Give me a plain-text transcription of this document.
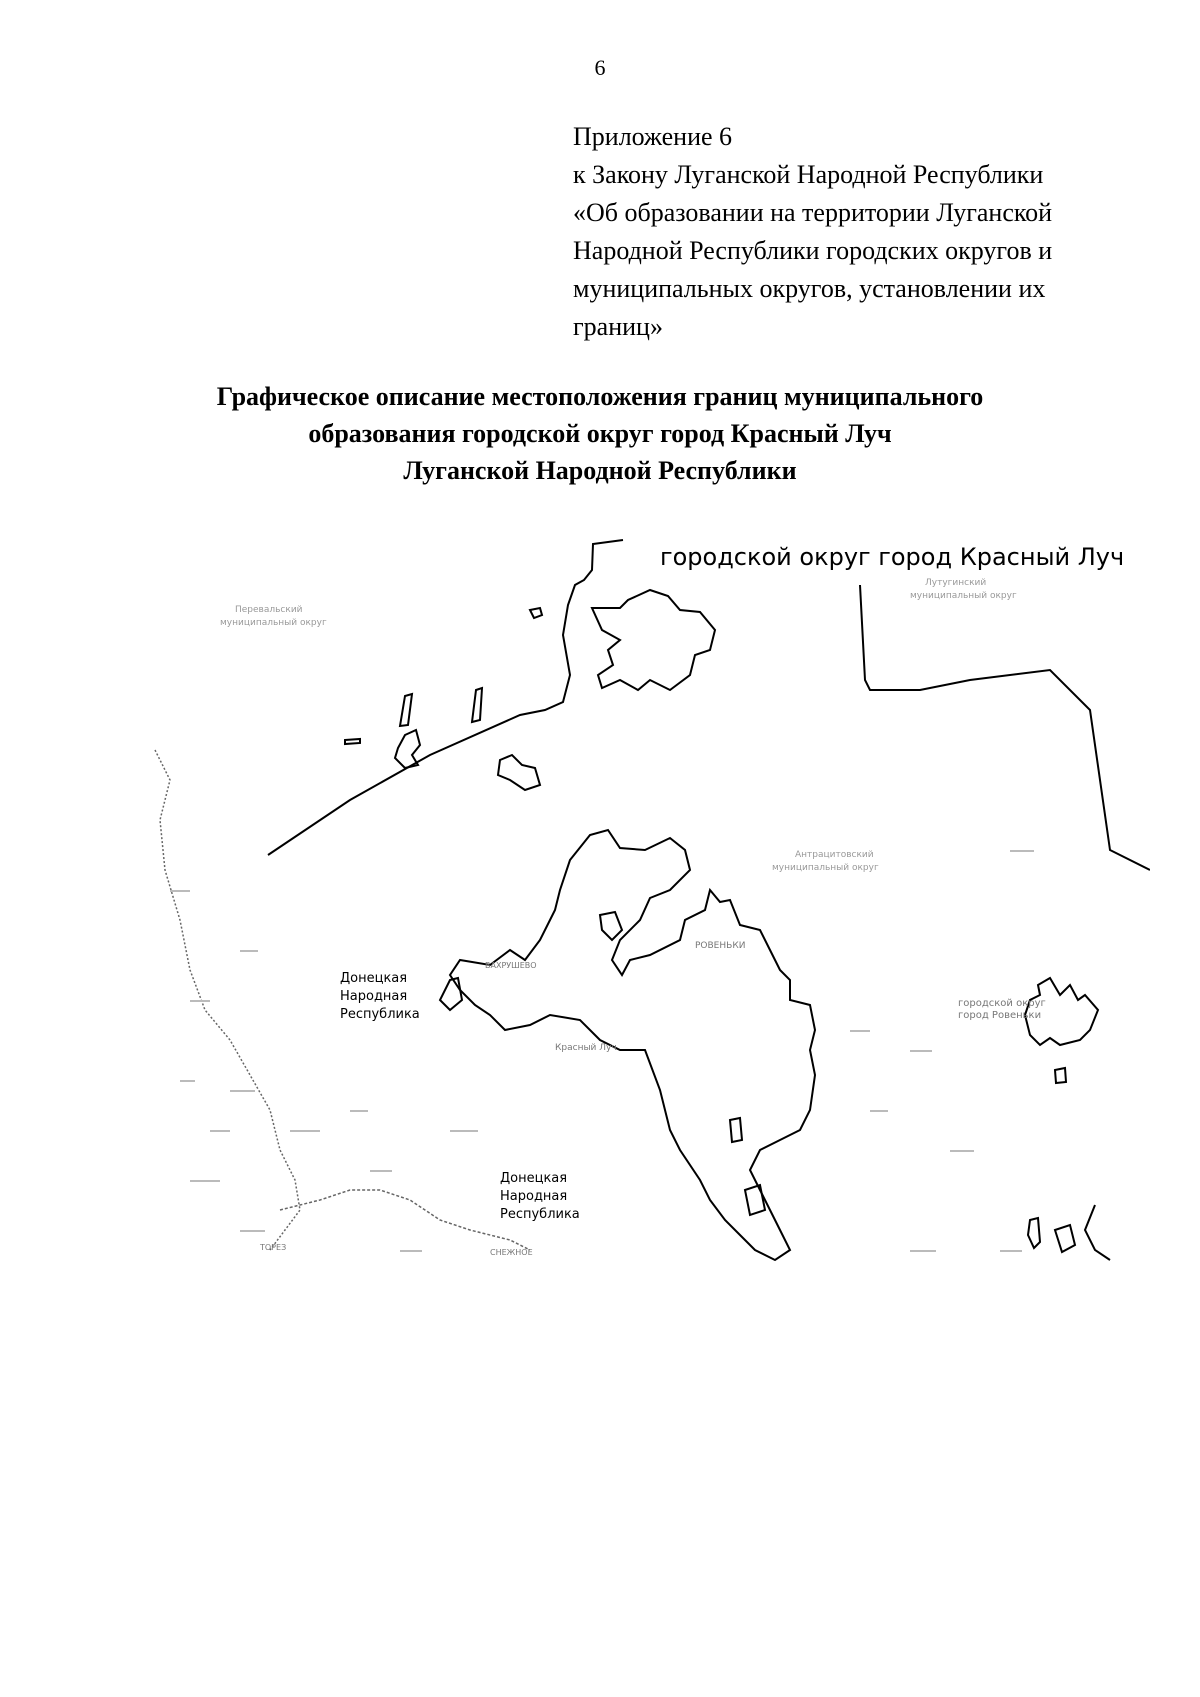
6
Приложение 6
к Закону Луганской Народной Республики
«Об образовании на территории Луганской
Народной Республики городских округов и
муниципальных округов, установлении их
границ»
Графическое описание местоположения границ муниципального
образования городской округ город Красный Луч
Луганской Народной Республики
городской округ город Красный Луч
Перевальский
муниципальный округ
Лутугинский
муниципальный округ
Антрацитовский
муниципальный округ
городской округ
город Ровеньки
Донецкая
Народная
Республика
Донецкая
Народная
Республика
Красный Луч
ТОРЕЗ
СНЕЖНОЕ
ВАХРУШЕВО
РОВЕНЬКИ
